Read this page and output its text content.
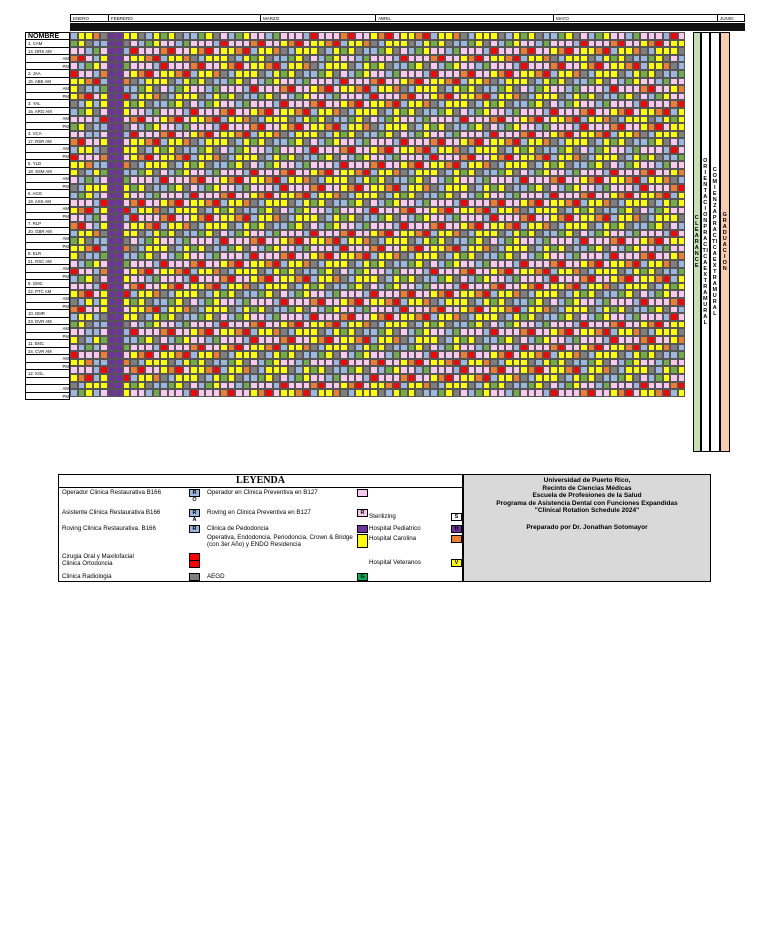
ENERO	FEBRERO	MARZO	ABRIL	MAYO	JUNIO
NOMBRE
1. CAM
14. DRS AM
AM
PM
2. JAA
15. ABE AM
AM
PM
3. YAL
16. ARG AM
AM
PM
4. VCA
17. RSR AM
AM
PM
5. YLD
18. SSM AM
AM
PM
6. AGG
19. ASS AM
AM
PM
7. RLP
20. GBR AM
AM
PM
8. ELR
21. RSC AM
AM
PM
9. GMC
22. PTC AM
AM
PM
10. DMR
23. DVR AM
AM
PM
11. BNC
24. CVR AM
AM
PM
12. KGL
AM
PM
CLEARANCE
ORIENTACION PRACTICA EXTRAMURAL
COMIENZA PRACTICA EXTRAMURAL
GRADUACION
LEYENDA
Operador Clinica Restaurativa B166	R O
Asistente Clinica Restaurativa B166	R A
Roving Clinica Restaurativa. B166	R
Cirugia Oral y Maxilofacial
Clinica Ortodoncia
Clinica Radiologia
Operador en Clinica Preventiva en B127
Roving en Clinica Preventiva en B127	R
Clinica de Pedodoncia
Operativa, Endodoncia, Periodoncia, Crown & Bridge (con 3er Año) y ENDO Residencia
AEGD	G
Sterilizing	S
Hospital Pediatrico	H
Hospital Carolina
Hospital Veteranos	V
Universidad de Puerto Rico,
Recinto de Ciencias Médicas
Escuela de Profesiones de la Salud
Programa de Asistencia Dental con Funciones Expandidas
"Clinical Rotation Schedule 2024"
Preparado por Dr. Jonathan Sotomayor
